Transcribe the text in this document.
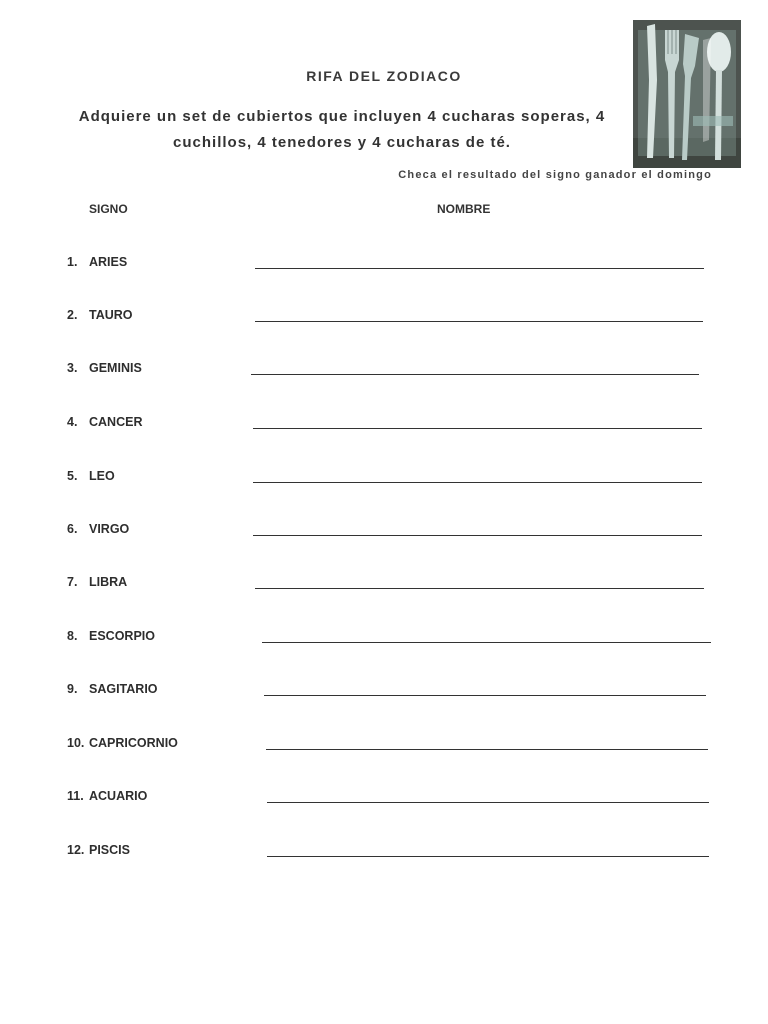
RIFA DEL ZODIACO
Adquiere un set de cubiertos que incluyen 4 cucharas soperas, 4
cuchillos, 4 tenedores y 4 cucharas de té.
Checa el resultado del signo ganador el domingo
SIGNO	NOMBRE
1. ARIES
2. TAURO
3. GEMINIS
4. CANCER
5. LEO
6. VIRGO
7. LIBRA
8. ESCORPIO
9. SAGITARIO
10. CAPRICORNIO
11. ACUARIO
12. PISCIS
